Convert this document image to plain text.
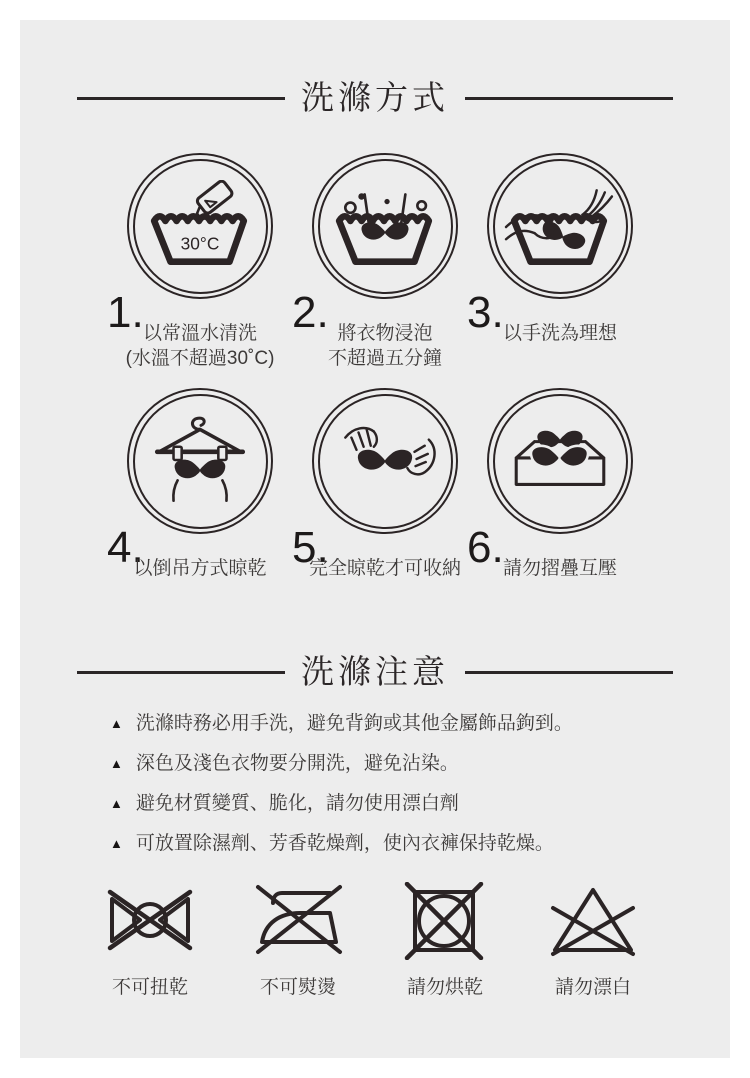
洗滌方式
30°C
1. 以常溫水清洗
(水溫不超過30˚C)
2. 將衣物浸泡
不超過五分鐘
3. 以手洗為理想
4.
以倒吊方式晾乾 5.
完全晾乾才可收納 6. 請勿摺疊互壓
洗滌注意
▲ 洗滌時務必用手洗，避免背鉤或其他金屬飾品鉤到。
▲ 深色及淺色衣物要分開洗，避免沾染。
▲ 避免材質變質、脆化，請勿使用漂白劑
▲ 可放置除濕劑、芳香乾燥劑，使內衣褲保持乾燥。
不可扭乾	不可熨燙	請勿烘乾	請勿漂白
